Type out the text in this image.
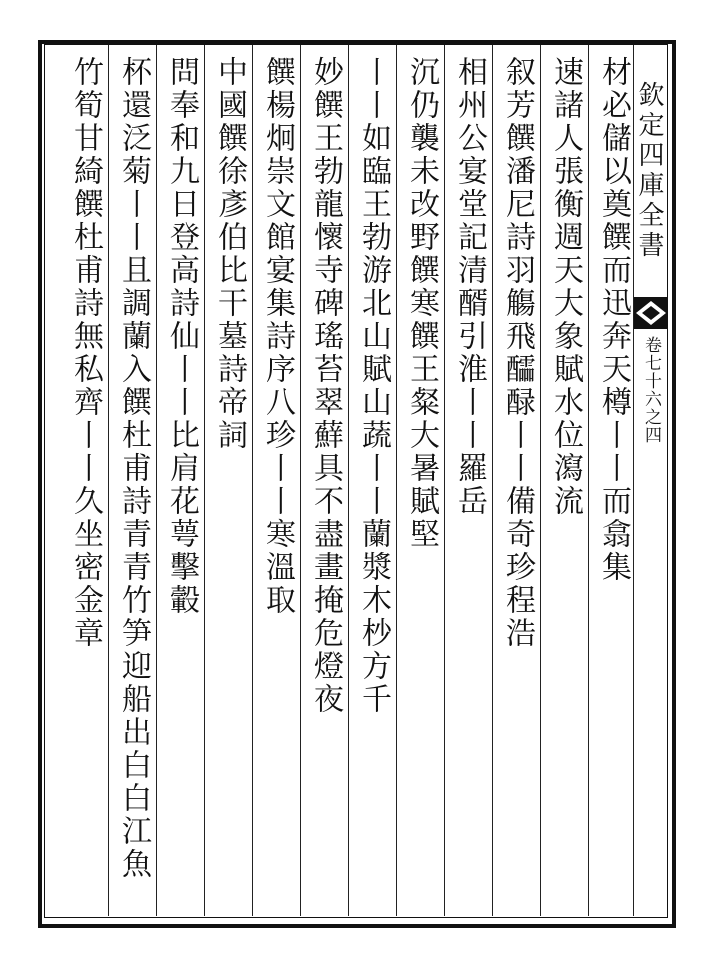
欽定四庫全書
卷七十六之四
材必儲以奠饌而迅奔天樽丨丨而翕集
速諸人張衡週天大象賦水位瀉流
叙芳饌潘尼詩羽觴飛醽醁丨丨備奇珍程浩
相州公宴堂記清醑引淮丨丨羅岳
沉仍襲未改野饌寒饌王粲大暑賦堅
丨丨如臨王勃游北山賦山蔬丨丨蘭漿木杪方千
妙饌王勃龍懷寺碑瑤苔翠蘚具不盡畫掩危燈夜
饌楊炯崇文館宴集詩序八珍丨丨寒溫取
中國饌徐彥伯比干墓詩帝詞
問奉和九日登高詩仙丨丨比肩花萼擊轂
杯還泛菊丨丨且調蘭入饌杜甫詩青青竹笋迎船出白白江魚
竹筍甘綺饌杜甫詩無私齊丨丨久坐密金章
